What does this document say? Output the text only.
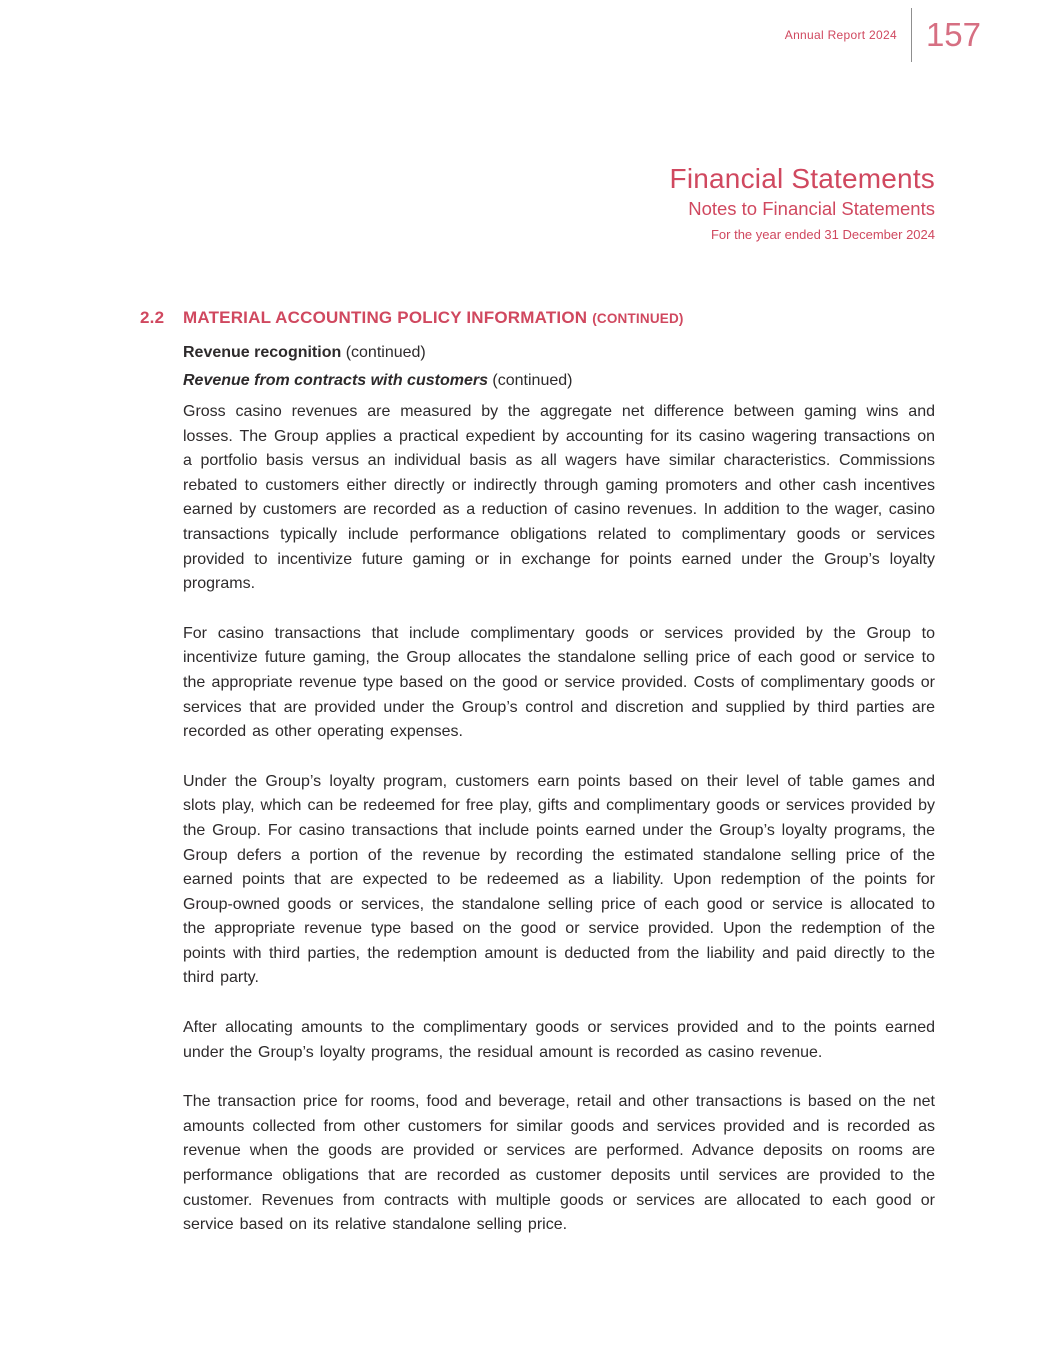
Annual Report 2024 157
Financial Statements
Notes to Financial Statements
For the year ended 31 December 2024
2.2	MATERIAL ACCOUNTING POLICY INFORMATION (CONTINUED)

Revenue recognition (continued)

Revenue from contracts with customers (continued)

Gross casino revenues are measured by the aggregate net difference between gaming wins and losses. The Group applies a practical expedient by accounting for its casino wagering transactions on a portfolio basis versus an individual basis as all wagers have similar characteristics. Commissions rebated to customers either directly or indirectly through gaming promoters and other cash incentives earned by customers are recorded as a reduction of casino revenues. In addition to the wager, casino transactions typically include performance obligations related to complimentary goods or services provided to incentivize future gaming or in exchange for points earned under the Group’s loyalty programs.

For casino transactions that include complimentary goods or services provided by the Group to incentivize future gaming, the Group allocates the standalone selling price of each good or service to the appropriate revenue type based on the good or service provided. Costs of complimentary goods or services that are provided under the Group’s control and discretion and supplied by third parties are recorded as other operating expenses.

Under the Group’s loyalty program, customers earn points based on their level of table games and slots play, which can be redeemed for free play, gifts and complimentary goods or services provided by the Group. For casino transactions that include points earned under the Group’s loyalty programs, the Group defers a portion of the revenue by recording the estimated standalone selling price of the earned points that are expected to be redeemed as a liability. Upon redemption of the points for Group-owned goods or services, the standalone selling price of each good or service is allocated to the appropriate revenue type based on the good or service provided. Upon the redemption of the points with third parties, the redemption amount is deducted from the liability and paid directly to the third party.

After allocating amounts to the complimentary goods or services provided and to the points earned under the Group’s loyalty programs, the residual amount is recorded as casino revenue.

The transaction price for rooms, food and beverage, retail and other transactions is based on the net amounts collected from other customers for similar goods and services provided and is recorded as revenue when the goods are provided or services are performed. Advance deposits on rooms are performance obligations that are recorded as customer deposits until services are provided to the customer. Revenues from contracts with multiple goods or services are allocated to each good or service based on its relative standalone selling price.
